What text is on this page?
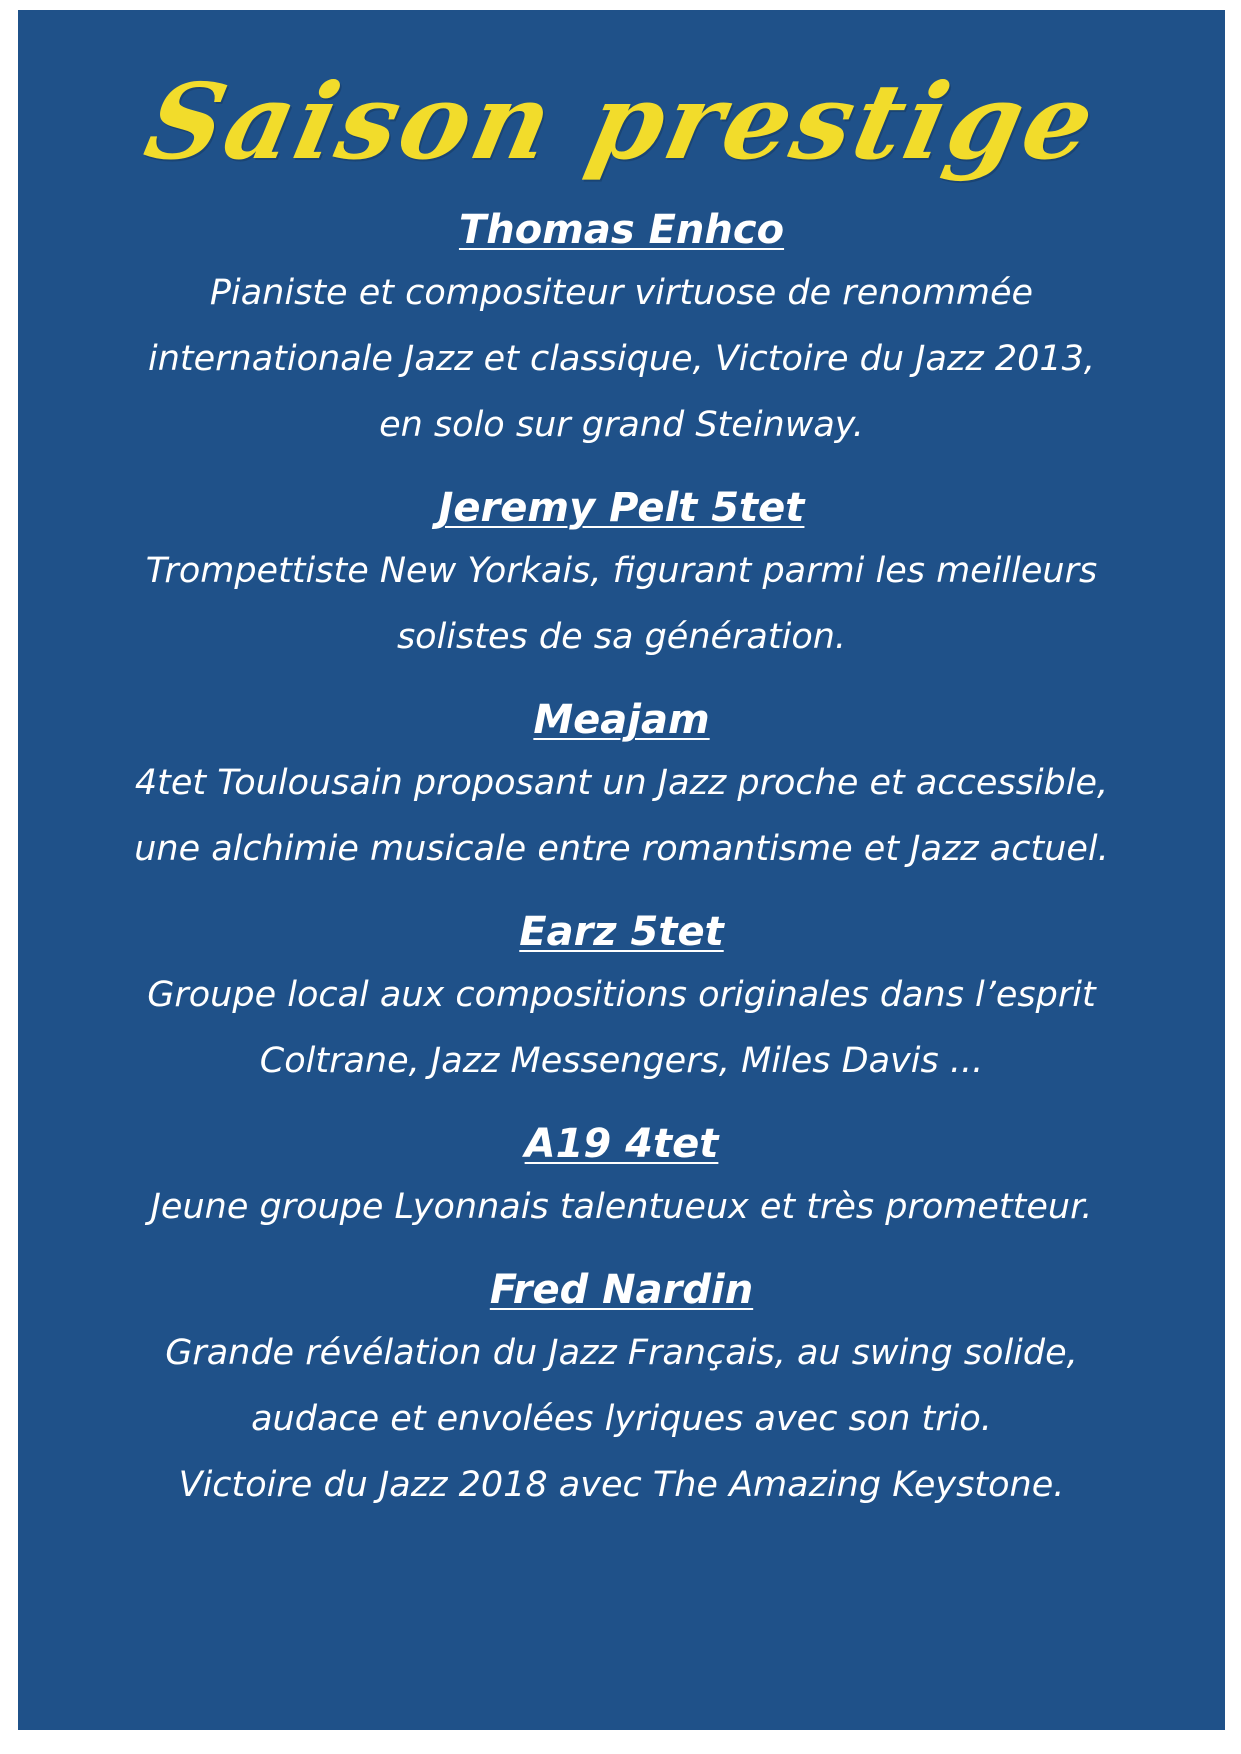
Saison prestige
Thomas Enhco

Pianiste et compositeur virtuose de renommée
internationale Jazz et classique, Victoire du Jazz 2013,
en solo sur grand Steinway.

Jeremy Pelt 5tet

Trompettiste New Yorkais, figurant parmi les meilleurs
solistes de sa génération.

Meajam

4tet Toulousain proposant un Jazz proche et accessible,
une alchimie musicale entre romantisme et Jazz actuel.

Earz 5tet

Groupe local aux compositions originales dans l’esprit
Coltrane, Jazz Messengers, Miles Davis ...

A19 4tet

Jeune groupe Lyonnais talentueux et très prometteur.

Fred Nardin

Grande révélation du Jazz Français, au swing solide,
audace et envolées lyriques avec son trio.
Victoire du Jazz 2018 avec The Amazing Keystone.
